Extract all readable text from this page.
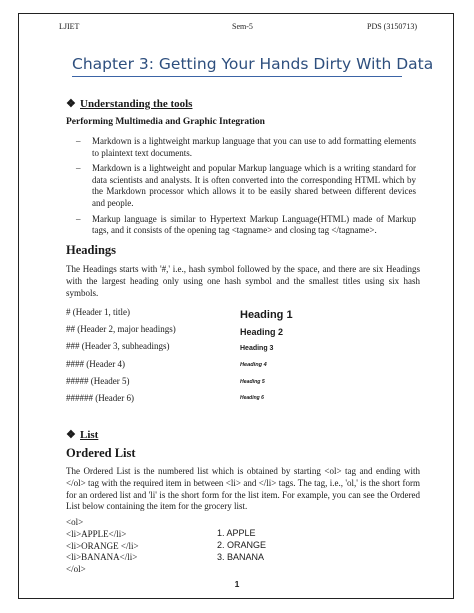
LJIET	Sem-5	PDS (3150713)
Chapter 3: Getting Your Hands Dirty With Data
❖ Understanding the tools
Performing Multimedia and Graphic Integration
– Markdown is a lightweight markup language that you can use to add formatting elements to plaintext text documents.
– Markdown is a lightweight and popular Markup language which is a writing standard for data scientists and analysts. It is often converted into the corresponding HTML which by the Markdown processor which allows it to be easily shared between different devices and people.
– Markup language is similar to Hypertext Markup Language(HTML) made of Markup tags, and it consists of the opening tag <tagname> and closing tag </tagname>.
Headings
The Headings starts with '#,' i.e., hash symbol followed by the space, and there are six Headings with the largest heading only using one hash symbol and the smallest titles using six hash symbols.
# (Header 1, title)
## (Header 2, major headings)
### (Header 3, subheadings)
#### (Header 4)
##### (Header 5)
###### (Header 6)
Heading 1
Heading 2
Heading 3
Heading 4
Heading 5
Heading 6
❖ List
Ordered List
The Ordered List is the numbered list which is obtained by starting <ol> tag and ending with </ol> tag with the required item in between <li> and </li> tags. The tag, i.e., 'ol,' is the short form for an ordered list and 'li' is the short form for the list item. For example, you can see the Ordered List below containing the item for the grocery list.
<ol>
<li>APPLE</li>
<li>ORANGE </li>
<li>BANANA</li>
</ol>
1. APPLE
2. ORANGE
3. BANANA
1
